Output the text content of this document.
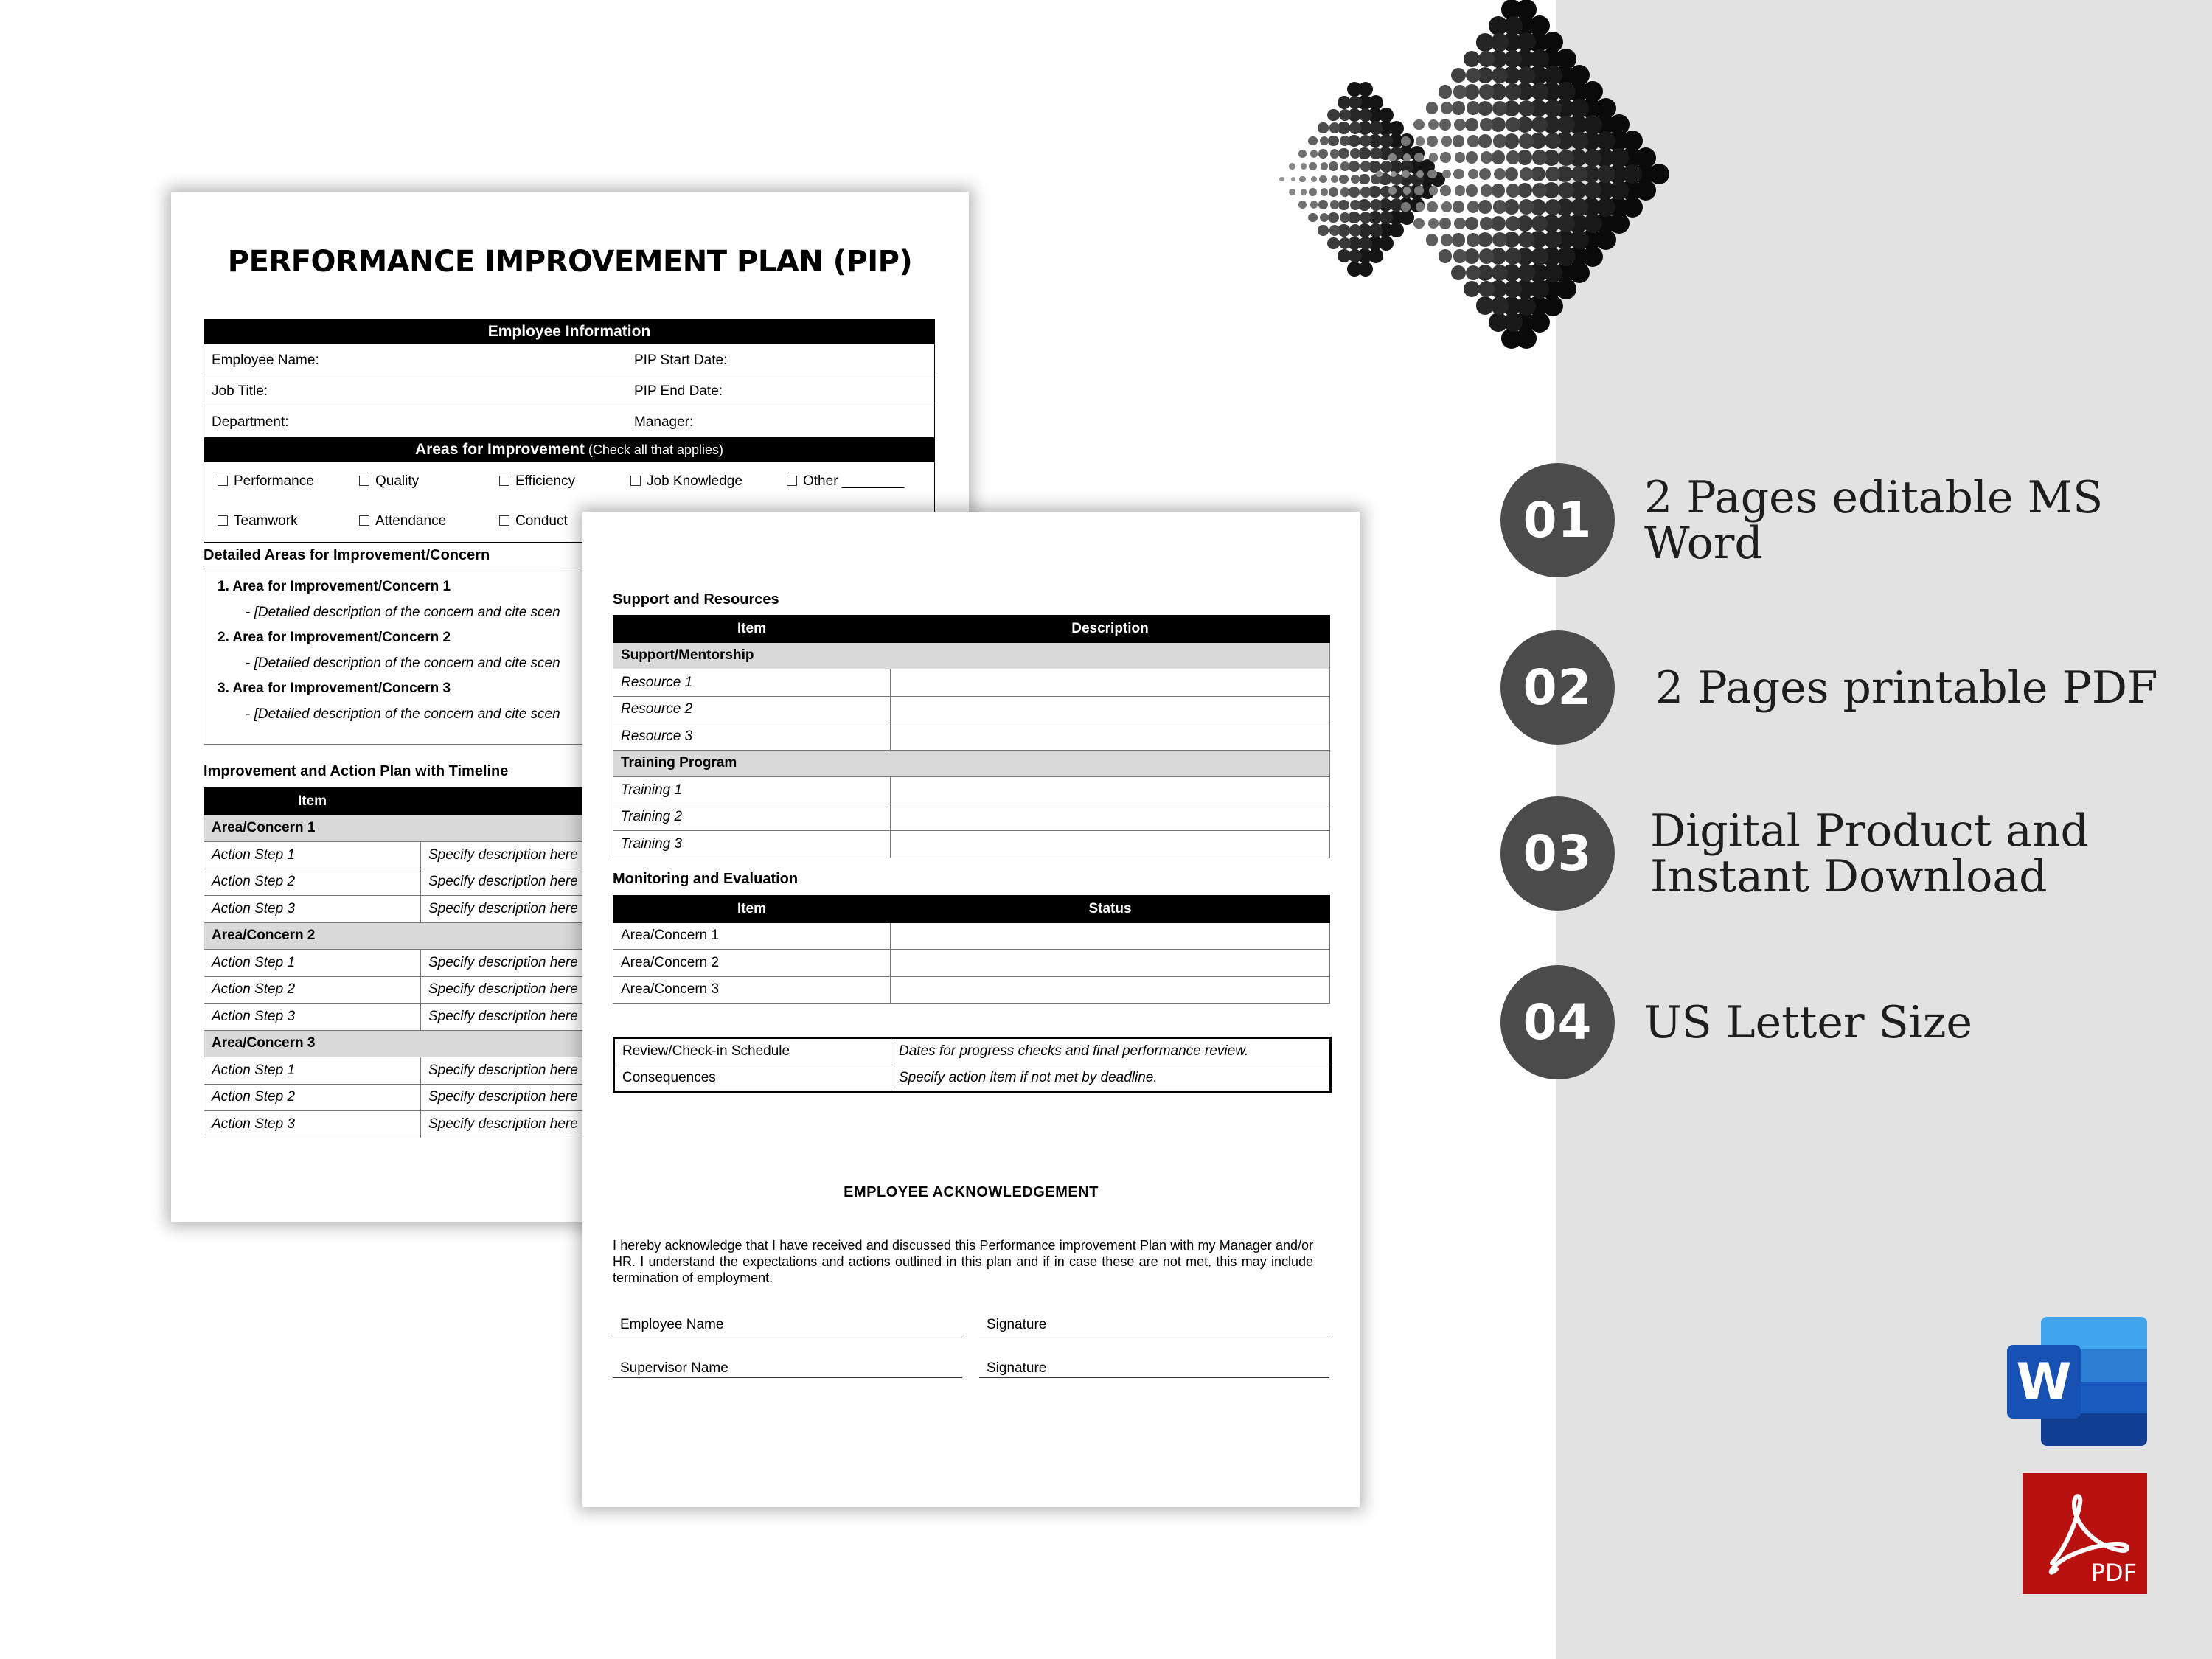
PERFORMANCE IMPROVEMENT PLAN (PIP)
Employee Information
Employee Name:	PIP Start Date:
Job Title:	PIP End Date:
Department:	Manager:
Areas for Improvement (Check all that applies)
Performance	Quality	Efficiency	Job Knowledge	Other ________
Teamwork	Attendance	Conduct
Detailed Areas for Improvement/Concern
1. Area for Improvement/Concern 1
- [Detailed description of the concern and cite scen
2. Area for Improvement/Concern 2
- [Detailed description of the concern and cite scen
3. Area for Improvement/Concern 3
- [Detailed description of the concern and cite scen
Improvement and Action Plan with Timeline
Item	
Area/Concern 1	
Action Step 1	Specify description here
Action Step 2	Specify description here
Action Step 3	Specify description here
Area/Concern 2	
Action Step 1	Specify description here
Action Step 2	Specify description here
Action Step 3	Specify description here
Area/Concern 3	
Action Step 1	Specify description here
Action Step 2	Specify description here
Action Step 3	Specify description here
Support and Resources
Item	Description
Support/Mentorship	
Resource 1	
Resource 2	
Resource 3	
Training Program	
Training 1	
Training 2	
Training 3	
Monitoring and Evaluation
Item	Status
Area/Concern 1	
Area/Concern 2	
Area/Concern 3	
Review/Check-in Schedule	Dates for progress checks and final performance review.
Consequences	Specify action item if not met by deadline.
EMPLOYEE ACKNOWLEDGEMENT
I hereby acknowledge that I have received and discussed this Performance improvement Plan with my Manager and/or HR. I understand the expectations and actions outlined in this plan and if in case these are not met, this may include termination of employment.
Employee Name	Signature
Supervisor Name	Signature
01	2 Pages editable MS Word
02	2 Pages printable PDF
03	Digital Product and Instant Download
04	US Letter Size
W
PDF
